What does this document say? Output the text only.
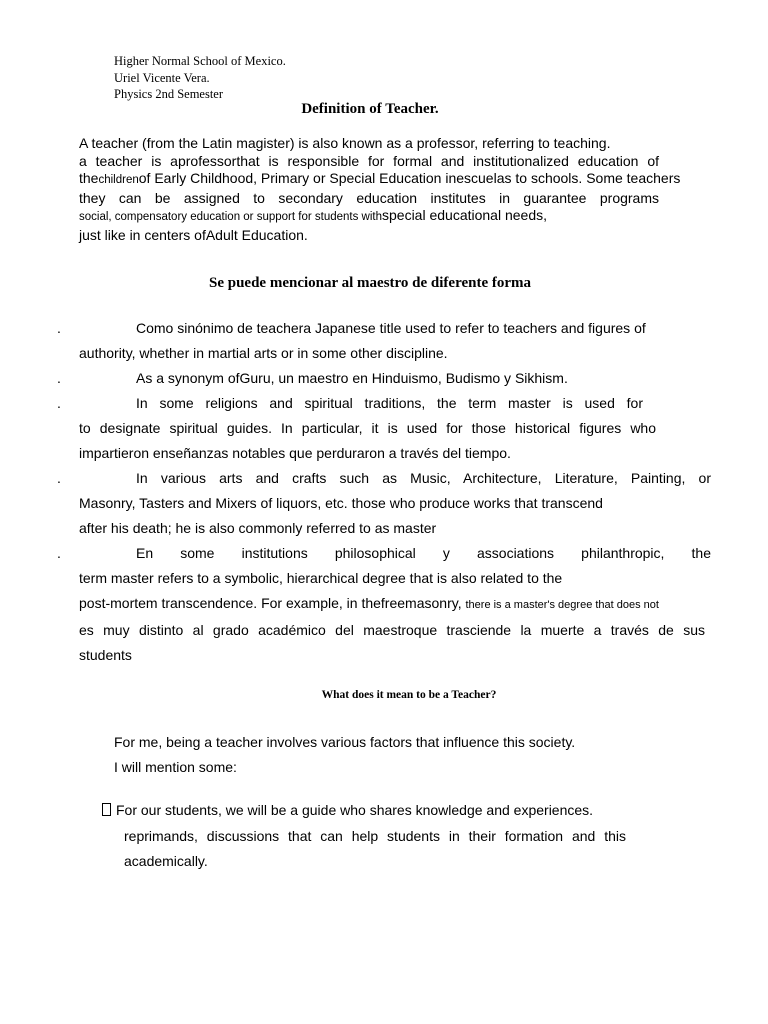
Higher Normal School of Mexico.
Uriel Vicente Vera.
Physics 2nd Semester
Definition of Teacher.
A teacher (from the Latin magister) is also known as a professor, referring to teaching.
a teacher is aprofessorthat is responsible for formal and institutionalized education of
thechildrenof Early Childhood, Primary or Special Education inescuelas to schools. Some teachers
they can be assigned to secondary education institutes in guarantee programs
social, compensatory education or support for students withspecial educational needs,
just like in centers ofAdult Education.
Se puede mencionar al maestro de diferente forma
.	Como sinónimo de teachera Japanese title used to refer to teachers and figures of
authority, whether in martial arts or in some other discipline.
.	As a synonym ofGuru, un maestro en Hinduismo, Budismo y Sikhism.
.	In some religions and spiritual traditions, the term master is used for
to designate spiritual guides. In particular, it is used for those historical figures who
impartieron enseñanzas notables que perduraron a través del tiempo.
.	In various arts and crafts such as Music, Architecture, Literature, Painting, or
Masonry, Tasters and Mixers of liquors, etc. those who produce works that transcend
after his death; he is also commonly referred to as master
.	En some institutions philosophical y associations philanthropic, the
term master refers to a symbolic, hierarchical degree that is also related to the
post-mortem transcendence. For example, in thefreemasonry, there is a master's degree that does not
es muy distinto al grado académico del maestroque trasciende la muerte a través de sus
students
What does it mean to be a Teacher?
For me, being a teacher involves various factors that influence this society.
I will mention some:
For our students, we will be a guide who shares knowledge and experiences.
reprimands, discussions that can help students in their formation and this
academically.
